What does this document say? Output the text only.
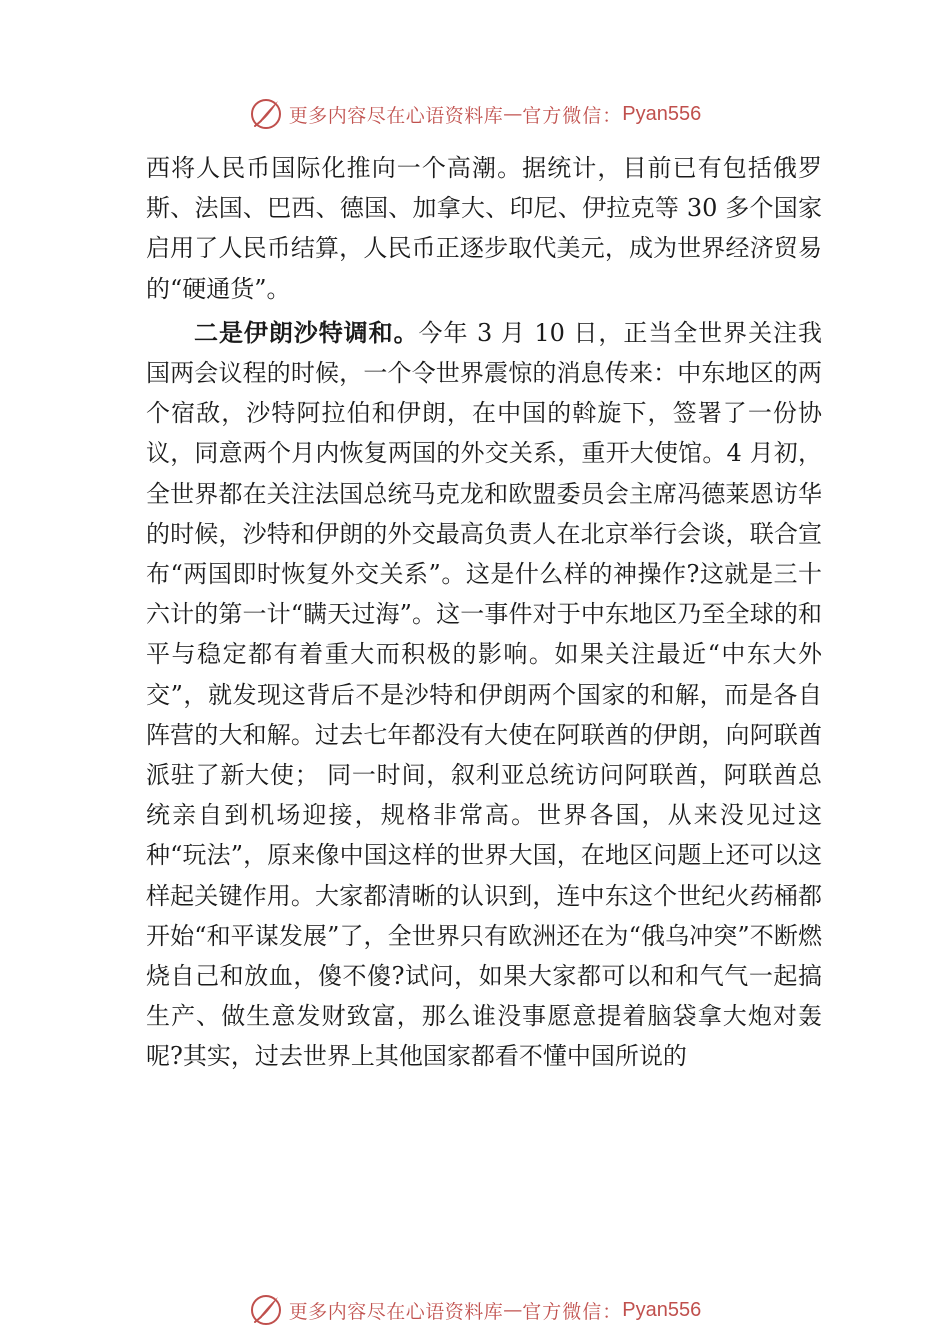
更多内容尽在心语资料库 — 官方微信： Pyan556

西将人民币国际化推向一个高潮。据统计，目前已有包括俄罗斯、法国、巴西、德国、加拿大、印尼、伊拉克等 30 多个国家启用了人民币结算，人民币正逐步取代美元，成为世界经济贸易的“硬通货”。

二是伊朗沙特调和。今年 3 月 10 日，正当全世界关注我国两会议程的时候，一个令世界震惊的消息传来：中东地区的两个宿敌，沙特阿拉伯和伊朗，在中国的斡旋下，签署了一份协议，同意两个月内恢复两国的外交关系，重开大使馆。4 月初，全世界都在关注法国总统马克龙和欧盟委员会主席冯德莱恩访华的时候，沙特和伊朗的外交最高负责人在北京举行会谈，联合宣布“两国即时恢复外交关系”。这是什么样的神操作?这就是三十六计的第一计“瞒天过海”。这一事件对于中东地区乃至全球的和平与稳定都有着重大而积极的影响。如果关注最近“中东大外交”，就发现这背后不是沙特和伊朗两个国家的和解，而是各自阵营的大和解。过去七年都没有大使在阿联酋的伊朗，向阿联酋派驻了新大使； 同一时间，叙利亚总统访问阿联酋，阿联酋总统亲自到机场迎接，规格非常高。世界各国，从来没见过这种“玩法”，原来像中国这样的世界大国，在地区问题上还可以这样起关键作用。大家都清晰的认识到，连中东这个世纪火药桶都开始“和平谋发展”了，全世界只有欧洲还在为“俄乌冲突”不断燃烧自己和放血，傻不傻?试问，如果大家都可以和和气气一起搞生产、做生意发财致富，那么谁没事愿意提着脑袋拿大炮对轰呢?其实，过去世界上其他国家都看不懂中国所说的

更多内容尽在心语资料库 — 官方微信： Pyan556
